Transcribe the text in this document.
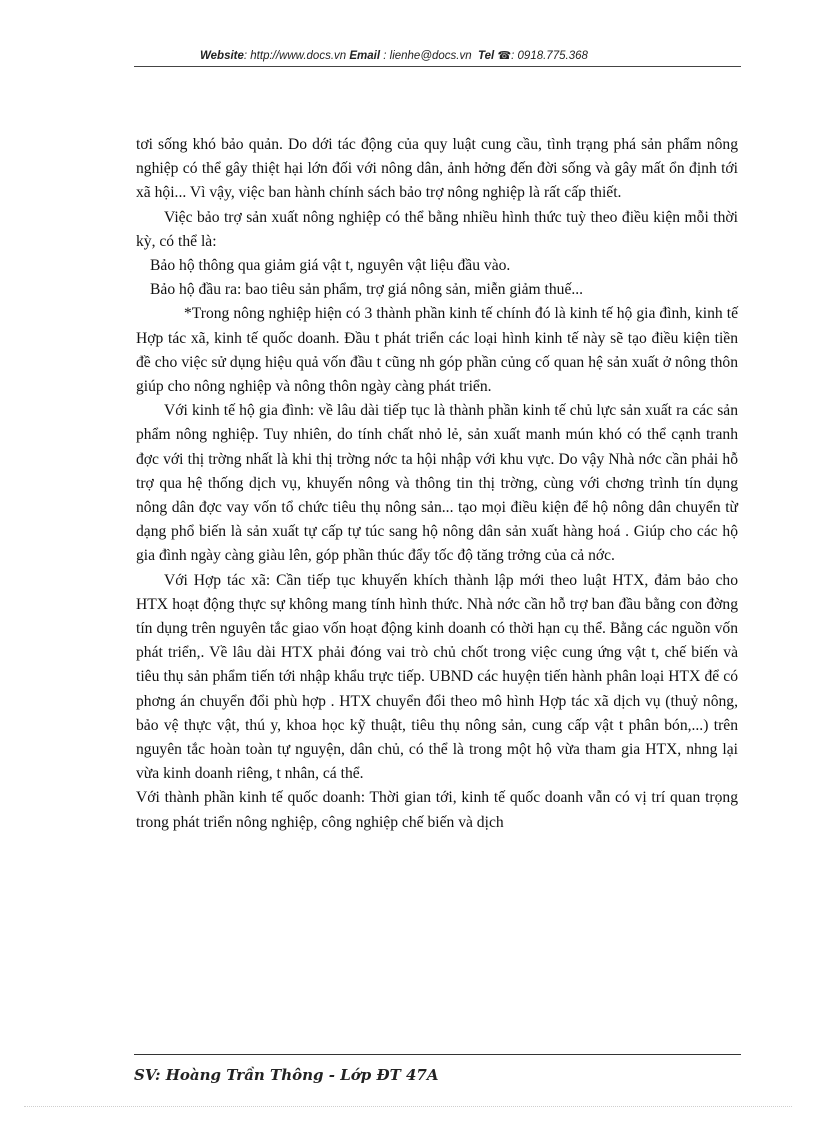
Website: http://www.docs.vn Email : lienhe@docs.vn Tel ☎: 0918.775.368

tơi sống khó bảo quản. Do dới tác động của quy luật cung cầu, tình trạng phá sản phẩm nông nghiệp có thể gây thiệt hại lớn đối với nông dân, ảnh hởng đến đời sống và gây mất ổn định tới xã hội... Vì vậy, việc ban hành chính sách bảo trợ nông nghiệp là rất cấp thiết.

Việc bảo trợ sản xuất nông nghiệp có thể bằng nhiều hình thức tuỳ theo điều kiện mỗi thời kỳ, có thể là:

Bảo hộ thông qua giảm giá vật t, nguyên vật liệu đầu vào.

Bảo hộ đầu ra: bao tiêu sản phẩm, trợ giá nông sản, miễn giảm thuế...

*Trong nông nghiệp hiện có 3 thành phần kinh tế chính đó là kinh tế hộ gia đình, kinh tế Hợp tác xã, kinh tế quốc doanh. Đầu t phát triển các loại hình kinh tế này sẽ tạo điều kiện tiền đề cho việc sử dụng hiệu quả vốn đầu t cũng nh góp phần củng cố quan hệ sản xuất ở nông thôn giúp cho nông nghiệp và nông thôn ngày càng phát triển.

Với kinh tế hộ gia đình: về lâu dài tiếp tục là thành phần kinh tế chủ lực sản xuất ra các sản phẩm nông nghiệp. Tuy nhiên, do tính chất nhỏ lẻ, sản xuất manh mún khó có thể cạnh tranh đợc với thị trờng nhất là khi thị trờng nớc ta hội nhập với khu vực. Do vậy Nhà nớc cần phải hỗ trợ qua hệ thống dịch vụ, khuyến nông và thông tin thị trờng, cùng với chơng trình tín dụng nông dân đợc vay vốn tổ chức tiêu thụ nông sản... tạo mọi điều kiện để hộ nông dân chuyển từ dạng phổ biến là sản xuất tự cấp tự túc sang hộ nông dân sản xuất hàng hoá . Giúp cho các hộ gia đình ngày càng giàu lên, góp phần thúc đẩy tốc độ tăng trởng của cả nớc.

Với Hợp tác xã: Cần tiếp tục khuyến khích thành lập mới theo luật HTX, đảm bảo cho HTX hoạt động thực sự không mang tính hình thức. Nhà nớc cần hỗ trợ ban đầu bằng con đờng tín dụng trên nguyên tắc giao vốn hoạt động kinh doanh có thời hạn cụ thể. Bằng các nguồn vốn phát triển,. Về lâu dài HTX phải đóng vai trò chủ chốt trong việc cung ứng vật t, chế biến và tiêu thụ sản phẩm tiến tới nhập khẩu trực tiếp. UBND các huyện tiến hành phân loại HTX để có phơng án chuyển đổi phù hợp . HTX chuyển đổi theo mô hình Hợp tác xã dịch vụ (thuỷ nông, bảo vệ thực vật, thú y, khoa học kỹ thuật, tiêu thụ nông sản, cung cấp vật t phân bón,...) trên nguyên tắc hoàn toàn tự nguyện, dân chủ, có thể là trong một hộ vừa tham gia HTX, nhng lại vừa kinh doanh riêng, t nhân, cá thể.

Với thành phần kinh tế quốc doanh: Thời gian tới, kinh tế quốc doanh vẫn có vị trí quan trọng trong phát triển nông nghiệp, công nghiệp chế biến và dịch

SV: Hoàng Trần Thông - Lớp ĐT 47A
